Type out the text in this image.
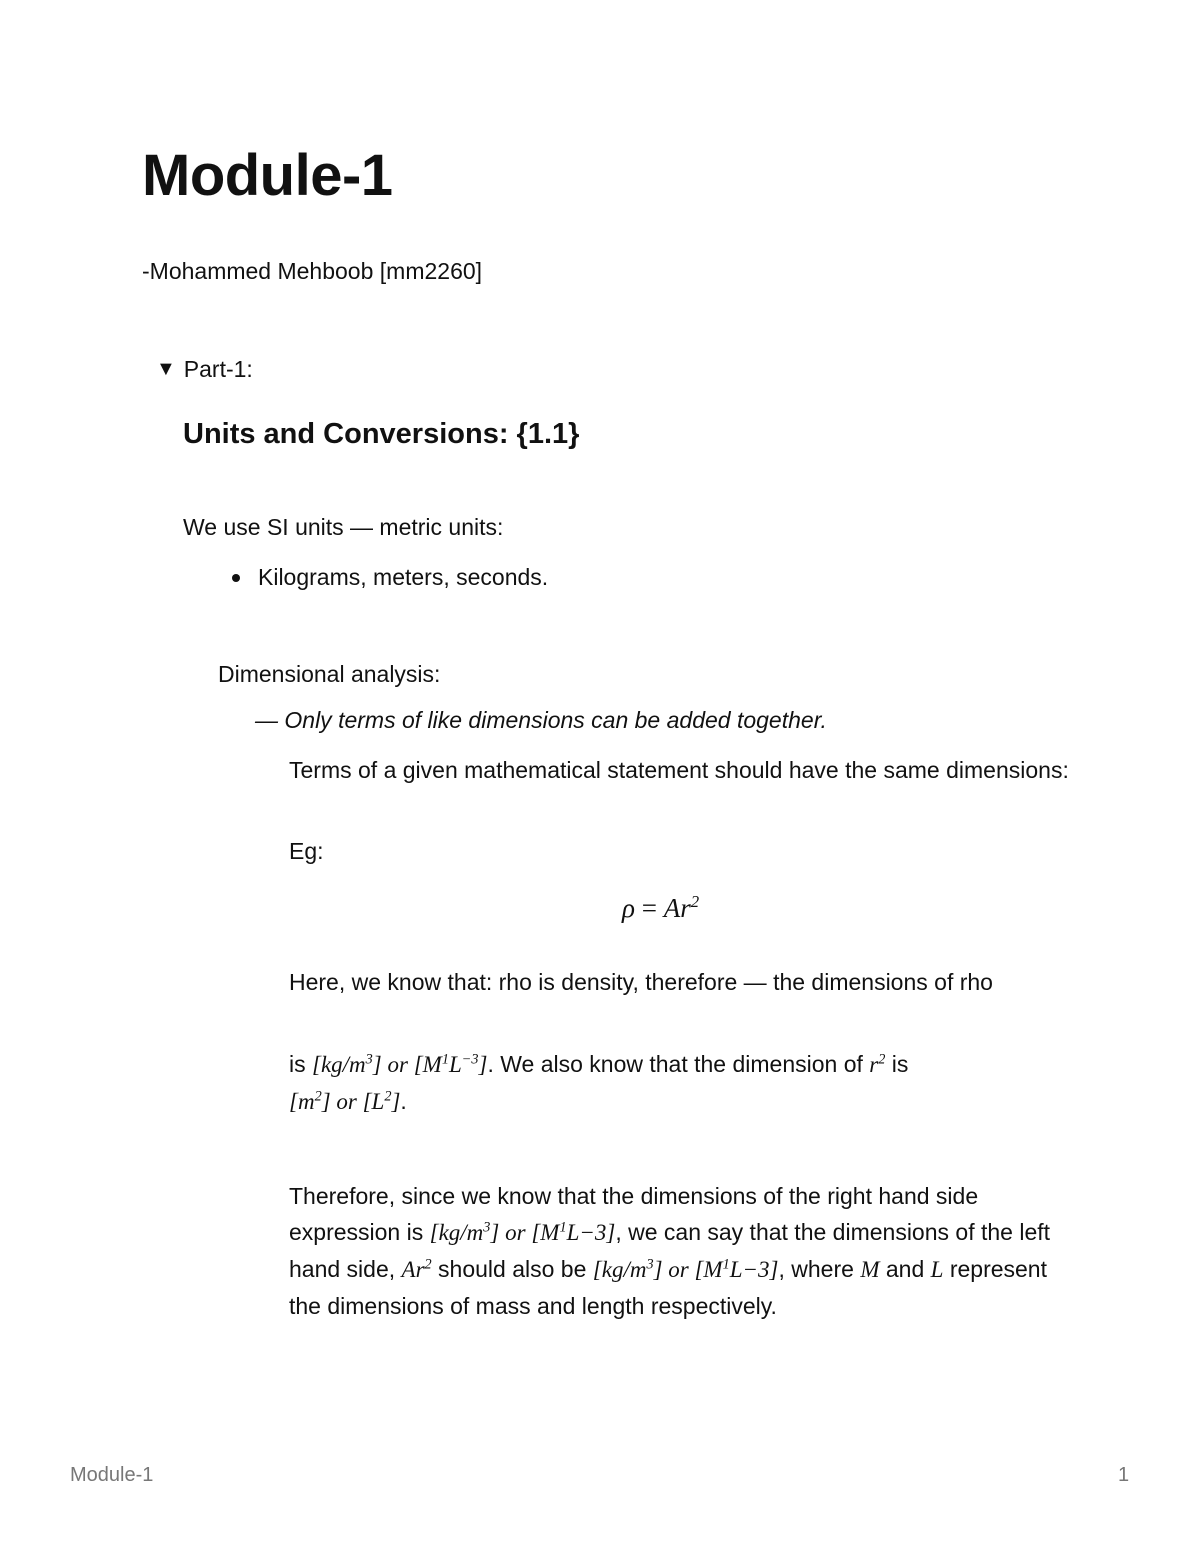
Module-1
-Mohammed Mehboob [mm2260]
▼ Part-1:
Units and Conversions: {1.1}
We use SI units — metric units:
Kilograms, meters, seconds.
Dimensional analysis:
— Only terms of like dimensions can be added together.
Terms of a given mathematical statement should have the same dimensions:
Eg:
$\rho = Ar^2$
Here, we know that: rho is density, therefore — the dimensions of rho
is $[kg/m^3]$ or $[M^1L^{-3}]$. We also know that the dimension of $r^2$ is
$[m^2]$ or $[L^2]$.
Therefore, since we know that the dimensions of the right hand side expression is $[kg/m^3]$ or $[M^1L-3]$, we can say that the dimensions of the left hand side, Ar$^2$ should also be $[kg/m^3]$ or $[M^1L-3]$, where M and L represent the dimensions of mass and length respectively.
Module-1	1
